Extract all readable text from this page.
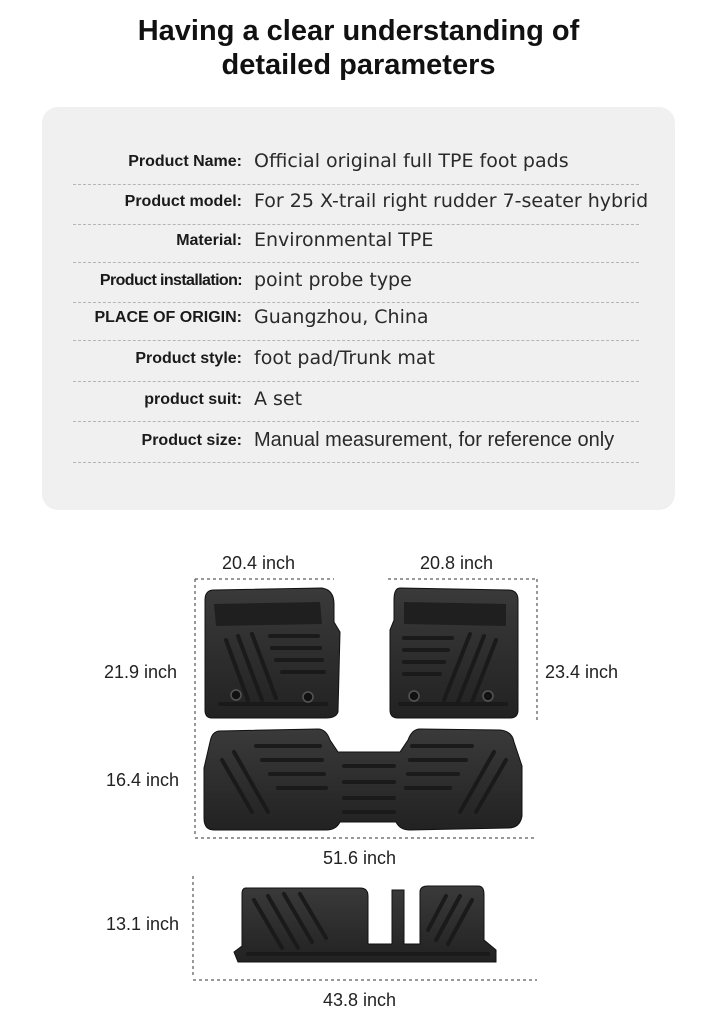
Having a clear understanding of
detailed parameters
Product Name: Official original full TPE foot pads
Product model: For 25 X-trail right rudder 7-seater hybrid
Material: Environmental TPE
Product installation: point probe type
PLACE OF ORIGIN: Guangzhou, China
Product style: foot pad/Trunk mat
product suit: A set
Product size: Manual measurement, for reference only
20.4 inch	20.8 inch
21.9 inch	23.4 inch
16.4 inch
51.6 inch
13.1 inch
43.8 inch
